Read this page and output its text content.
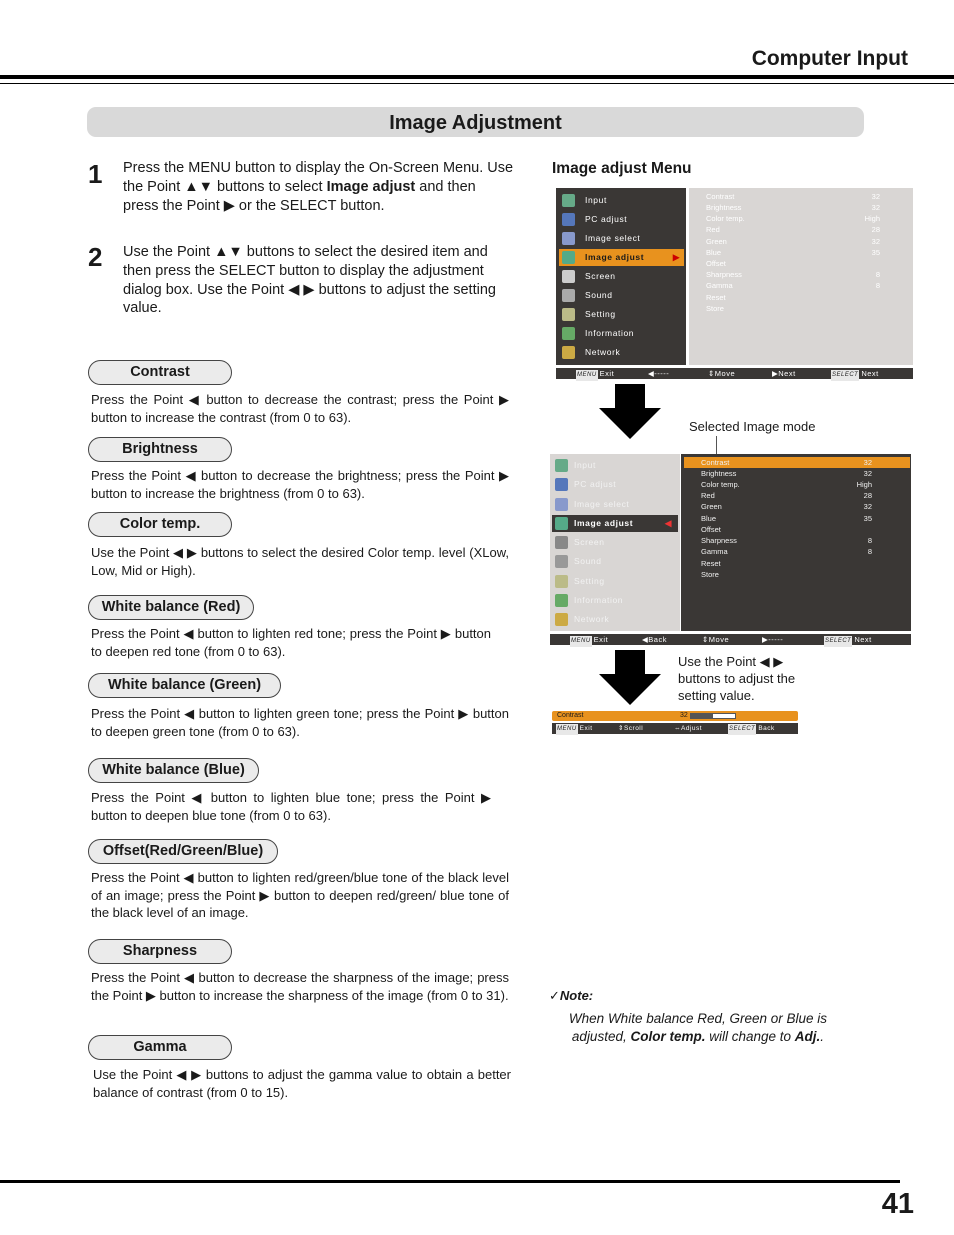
Computer Input
Image Adjustment
1 Press the MENU button to display the On-Screen Menu. Use the Point ▲▼ buttons to select Image adjust and then press the Point ▶ or the SELECT button.
2 Use the Point ▲▼ buttons to select the desired item and then press the SELECT button to display the adjustment dialog box. Use the Point ◀ ▶ buttons to adjust the setting value.
Contrast
Press the Point ◀ button to decrease the contrast; press the Point ▶ button to increase the contrast (from 0 to 63).
Brightness
Press the Point ◀ button to decrease the brightness; press the Point ▶ button to increase the brightness (from 0 to 63).
Color temp.
Use the Point ◀ ▶ buttons to select the desired Color temp. level (XLow, Low, Mid or High).
White balance (Red)
Press the Point ◀ button to lighten red tone; press the Point ▶ button to deepen red tone (from 0 to 63).
White balance (Green)
Press the Point ◀ button to lighten green tone; press the Point ▶ button to deepen green tone (from 0 to 63).
White balance (Blue)
Press the Point ◀ button to lighten blue tone; press the Point ▶ button to deepen blue tone (from 0 to 63).
Offset(Red/Green/Blue)
Press the Point ◀ button to lighten red/green/blue tone of the black level of an image; press the Point ▶ button to deepen red/green/ blue tone of the black level of an image.
Sharpness
Press the Point ◀ button to decrease the sharpness of the image; press the Point ▶ button to increase the sharpness of the image (from 0 to 31).
Gamma
Use the Point ◀ ▶ buttons to adjust the gamma value to obtain a better balance of contrast (from 0 to 15).
Image adjust Menu
Input
PC adjust
Image select
Image adjust	▶
Screen
Sound
Setting
Information
Network
Contrast	32
Brightness	32
Color temp.	High
Red	28
Green	32
Blue	35
Offset
Sharpness	8
Gamma	8
Reset
Store
MENU Exit	◀-----	⇕Move	▶Next	SELECT Next
Selected Image mode
Input
PC adjust
Image select
Image adjust	◀
Screen
Sound
Setting
Information
Network
Contrast	32
Brightness	32
Color temp.	High
Red	28
Green	32
Blue	35
Offset
Sharpness	8
Gamma	8
Reset
Store
MENU Exit	◀Back	⇕Move	▶-----	SELECT Next
Use the Point ◀ ▶ buttons to adjust the setting value.
Contrast	32
MENU Exit	⇕Scroll	⇔Adjust	SELECT Back
✓Note:
When White balance Red, Green or Blue is adjusted, Color temp. will change to Adj..
41
